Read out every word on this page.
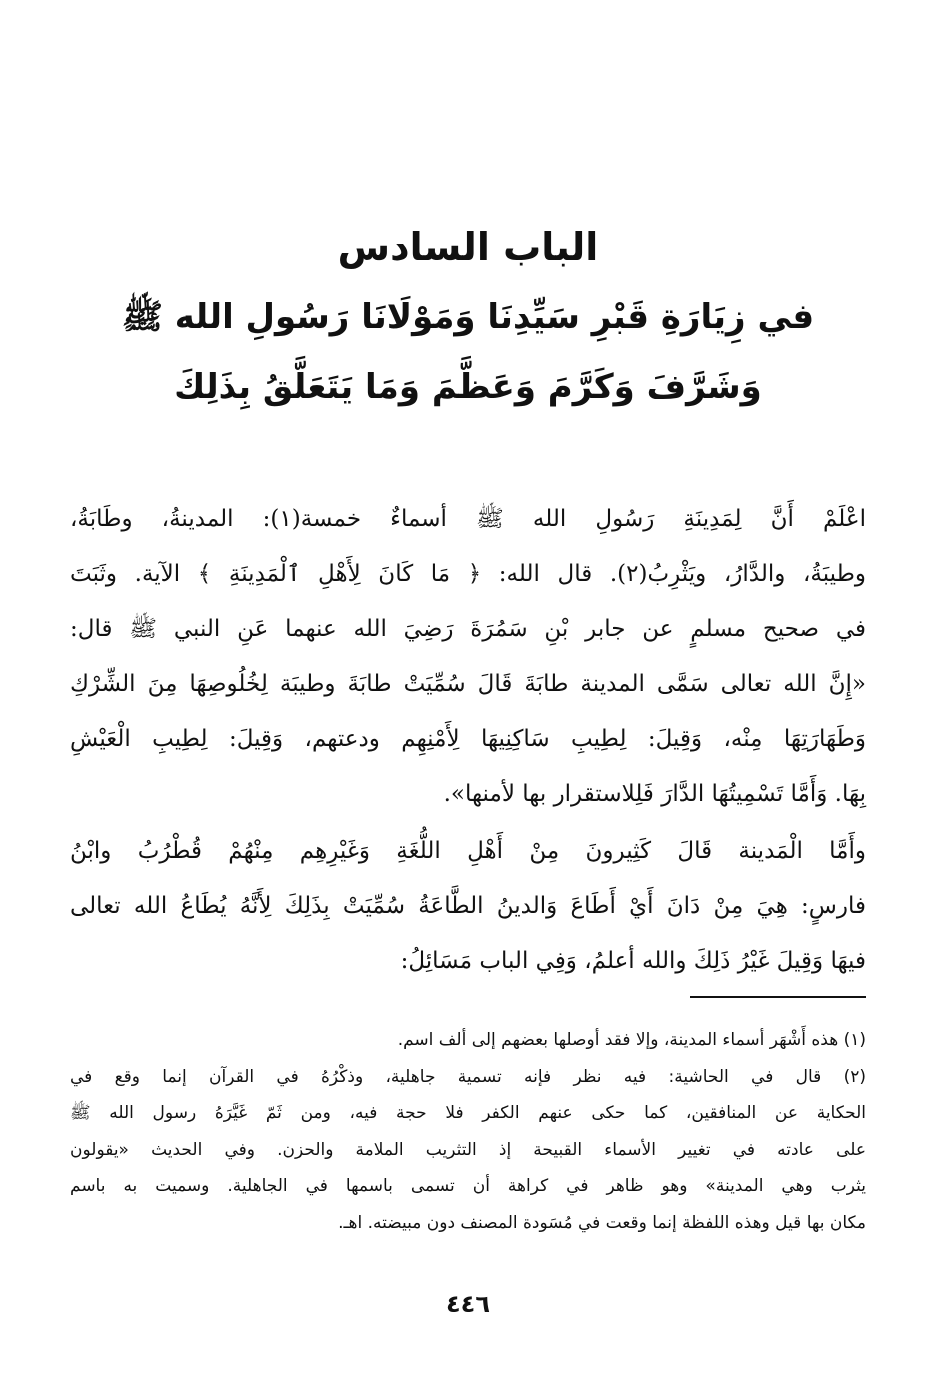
الباب السادس
في زِيَارَةِ قَبْرِ سَيِّدِنَا وَمَوْلَانَا رَسُولِ الله ﷺ
وَشَرَّفَ وَكَرَّمَ وَعَظَّمَ وَمَا يَتَعَلَّقُ بِذَلِكَ
اعْلَمْ أَنَّ لِمَدِينَةِ رَسُولِ الله ﷺ أسماءٌ خمسة(١): المدينةُ، وطَابَةُ،
وطيبَةُ، والدَّارُ، ويَثْرِبُ(٢). قال الله: ﴿ مَا كَانَ لِأَهْلِ ٱلْمَدِينَةِ ﴾ الآية. وثَبَتَ
في صحيح مسلمٍ عن جابر بْنِ سَمُرَةَ رَضِيَ الله عنهما عَنِ النبي ﷺ قال:
«إِنَّ الله تعالى سَمَّى المدينة طابَةَ قَالَ سُمِّيَتْ طابَةَ وطيبَة لِخُلُوصِهَا مِنَ الشِّرْكِ
وَطَهَارَتِهَا مِنْه، وَقِيلَ: لِطِيبِ سَاكِنِيهَا لِأَمْنِهِم ودعتهم، وَقِيلَ: لِطِيبِ الْعَيْشِ
بِهَا. وَأَمَّا تَسْمِيتُهَا الدَّارَ فَلِلاستقرار بها لأمنها».
وأَمَّا الْمَدينة قَالَ كَثِيرونَ مِنْ أَهْلِ اللُّغَةِ وَغَيْرِهِم مِنْهُمْ قُطْرُبُ وابْنُ
فارسٍ: هِيَ مِنْ دَانَ أَيْ أَطَاعَ وَالدينُ الطَّاعَةُ سُمِّيَتْ بِذَلِكَ لِأَنَّهُ يُطَاعُ الله تعالى
فيهَا وَقِيلَ غَيْرُ ذَلِكَ والله أعلمُ، وَفِي الباب مَسَائِلُ:
(١) هذه أَشْهَر أسماء المدينة، وإلا فقد أوصلها بعضهم إلى ألف اسم.
(٢) قال في الحاشية: فيه نظر فإنه تسمية جاهلية، وذكْرُهُ في القرآن إنما وقع في
الحكاية عن المنافقين، كما حكى عنهم الكفر فلا حجة فيه، ومن ثَمّ غَيَّرَهُ رسول الله ﷺ
على عادته في تغيير الأسماء القبيحة إذ التثريب الملامة والحزن. وفي الحديث «يقولون
يثرب وهي المدينة» وهو ظاهر في كراهة أن تسمى باسمها في الجاهلية. وسميت به باسم
مكان بها قيل وهذه اللفظة إنما وقعت في مُسَودة المصنف دون مبيضته. اهـ.
٤٤٦
